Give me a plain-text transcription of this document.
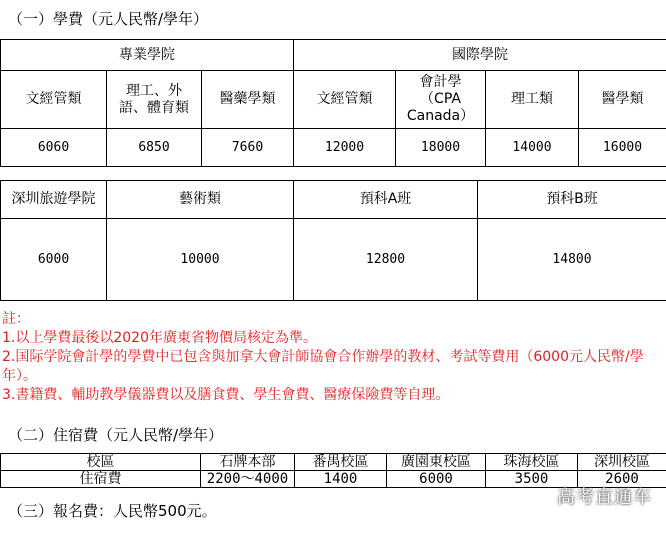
（一）學費（元人民幣/學年）
專業學院			國際學院			
文經管類	理工、外語、體育類	醫藥學類	文經管類	會計學（CPA Canada）	理工類	醫學類
6060	6850	7660	12000	18000	14000	16000
深圳旅遊學院	藝術類	預科A班	預科B班
6000	10000	12800	14800
註：
1.以上學費最後以2020年廣東省物價局核定為準。
2.国际学院會計學的學費中已包含與加拿大會計師協會合作辦學的教材、考試等費用（6000元人民幣/學年）。
3.書籍費、輔助教學儀器費以及膳食費、學生會費、醫療保險費等自理。
（二）住宿費（元人民幣/學年）
校區	石牌本部	番禺校區	廣園東校區	珠海校區	深圳校區
住宿費	2200～4000	1400	6000	3500	2600
（三）報名費：人民幣500元。
高考直通车
